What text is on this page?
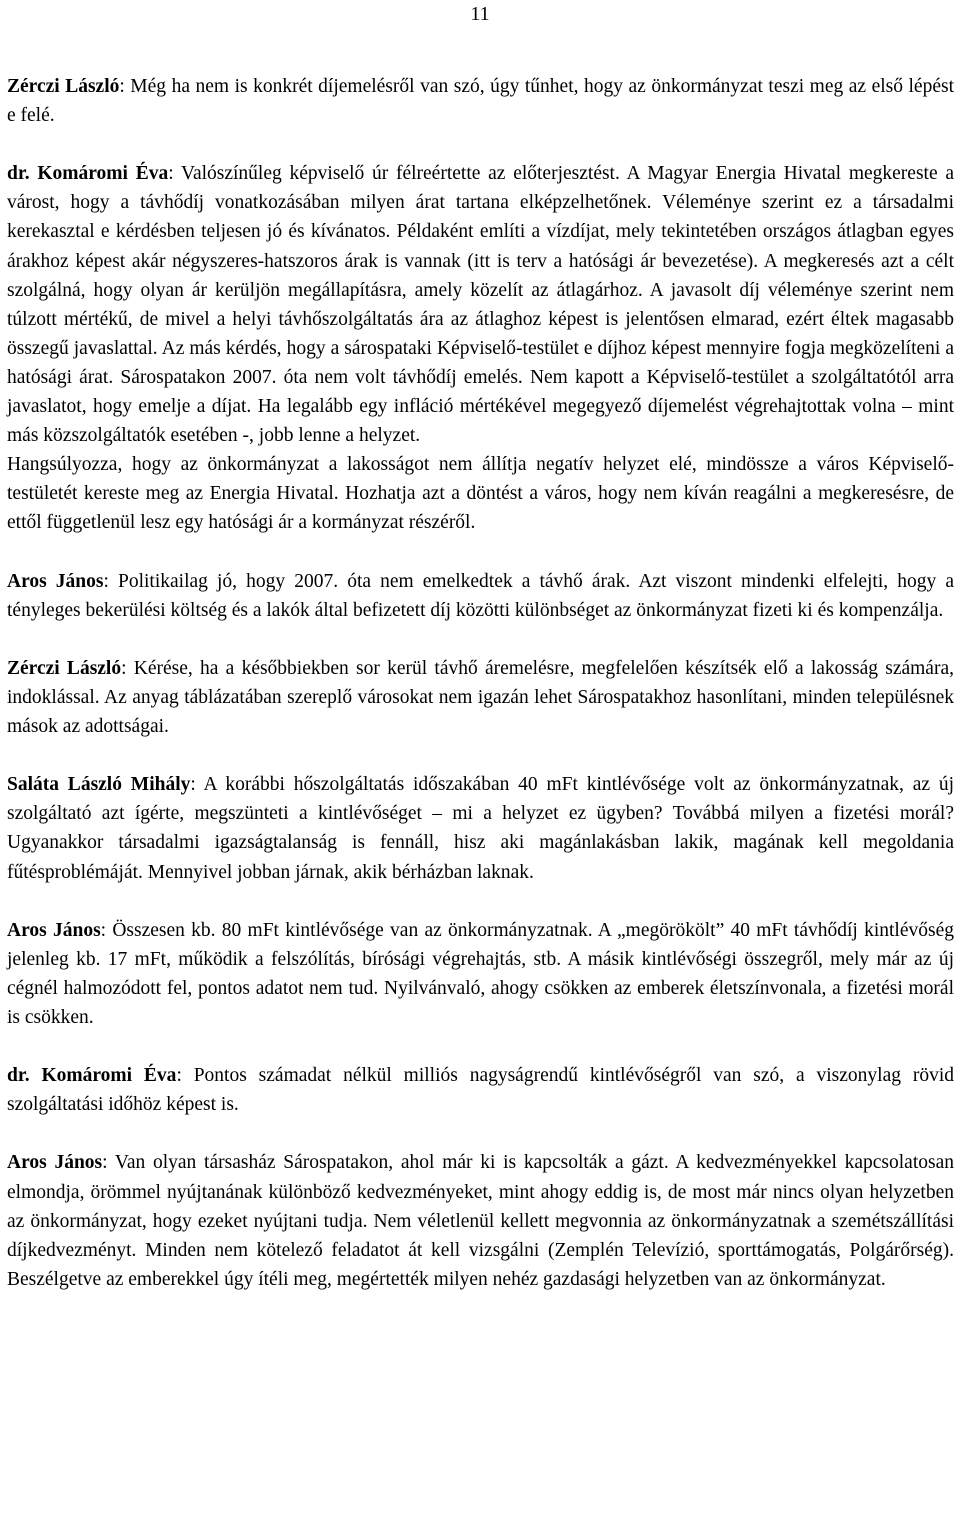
11

Zérczi László: Még ha nem is konkrét díjemelésről van szó, úgy tűnhet, hogy az önkormányzat teszi meg az első lépést e felé.

dr. Komáromi Éva: Valószínűleg képviselő úr félreértette az előterjesztést. A Magyar Energia Hivatal megkereste a várost, hogy a távhődíj vonatkozásában milyen árat tartana elképzelhetőnek. Véleménye szerint ez a társadalmi kerekasztal e kérdésben teljesen jó és kívánatos. Példaként említi a vízdíjat, mely tekintetében országos átlagban egyes árakhoz képest akár négyszeres-hatszoros árak is vannak (itt is terv a hatósági ár bevezetése). A megkeresés azt a célt szolgálná, hogy olyan ár kerüljön megállapításra, amely közelít az átlagárhoz. A javasolt díj véleménye szerint nem túlzott mértékű, de mivel a helyi távhőszolgáltatás ára az átlaghoz képest is jelentősen elmarad, ezért éltek magasabb összegű javaslattal. Az más kérdés, hogy a sárospataki Képviselő-testület e díjhoz képest mennyire fogja megközelíteni a hatósági árat. Sárospatakon 2007. óta nem volt távhődíj emelés. Nem kapott a Képviselő-testület a szolgáltatótól arra javaslatot, hogy emelje a díjat. Ha legalább egy infláció mértékével megegyező díjemelést végrehajtottak volna – mint más közszolgáltatók esetében -, jobb lenne a helyzet.

Hangsúlyozza, hogy az önkormányzat a lakosságot nem állítja negatív helyzet elé, mindössze a város Képviselő-testületét kereste meg az Energia Hivatal. Hozhatja azt a döntést a város, hogy nem kíván reagálni a megkeresésre, de ettől függetlenül lesz egy hatósági ár a kormányzat részéről.

Aros János: Politikailag jó, hogy 2007. óta nem emelkedtek a távhő árak. Azt viszont mindenki elfelejti, hogy a tényleges bekerülési költség és a lakók által befizetett díj közötti különbséget az önkormányzat fizeti ki és kompenzálja.

Zérczi László: Kérése, ha a későbbiekben sor kerül távhő áremelésre, megfelelően készítsék elő a lakosság számára, indoklással. Az anyag táblázatában szereplő városokat nem igazán lehet Sárospatakhoz hasonlítani, minden településnek mások az adottságai.

Saláta László Mihály: A korábbi hőszolgáltatás időszakában 40 mFt kintlévősége volt az önkormányzatnak, az új szolgáltató azt ígérte, megszünteti a kintlévőséget – mi a helyzet ez ügyben? Továbbá milyen a fizetési morál? Ugyanakkor társadalmi igazságtalanság is fennáll, hisz aki magánlakásban lakik, magának kell megoldania fűtésproblémáját. Mennyivel jobban járnak, akik bérházban laknak.

Aros János: Összesen kb. 80 mFt kintlévősége van az önkormányzatnak. A „megörökölt” 40 mFt távhődíj kintlévőség jelenleg kb. 17 mFt, működik a felszólítás, bírósági végrehajtás, stb. A másik kintlévőségi összegről, mely már az új cégnél halmozódott fel, pontos adatot nem tud. Nyilvánvaló, ahogy csökken az emberek életszínvonala, a fizetési morál is csökken.

dr. Komáromi Éva: Pontos számadat nélkül milliós nagyságrendű kintlévőségről van szó, a viszonylag rövid szolgáltatási időhöz képest is.

Aros János: Van olyan társasház Sárospatakon, ahol már ki is kapcsolták a gázt. A kedvezményekkel kapcsolatosan elmondja, örömmel nyújtanának különböző kedvezményeket, mint ahogy eddig is, de most már nincs olyan helyzetben az önkormányzat, hogy ezeket nyújtani tudja. Nem véletlenül kellett megvonnia az önkormányzatnak a szemétszállítási díjkedvezményt. Minden nem kötelező feladatot át kell vizsgálni (Zemplén Televízió, sporttámogatás, Polgárőrség). Beszélgetve az emberekkel úgy ítéli meg, megértették milyen nehéz gazdasági helyzetben van az önkormányzat.
